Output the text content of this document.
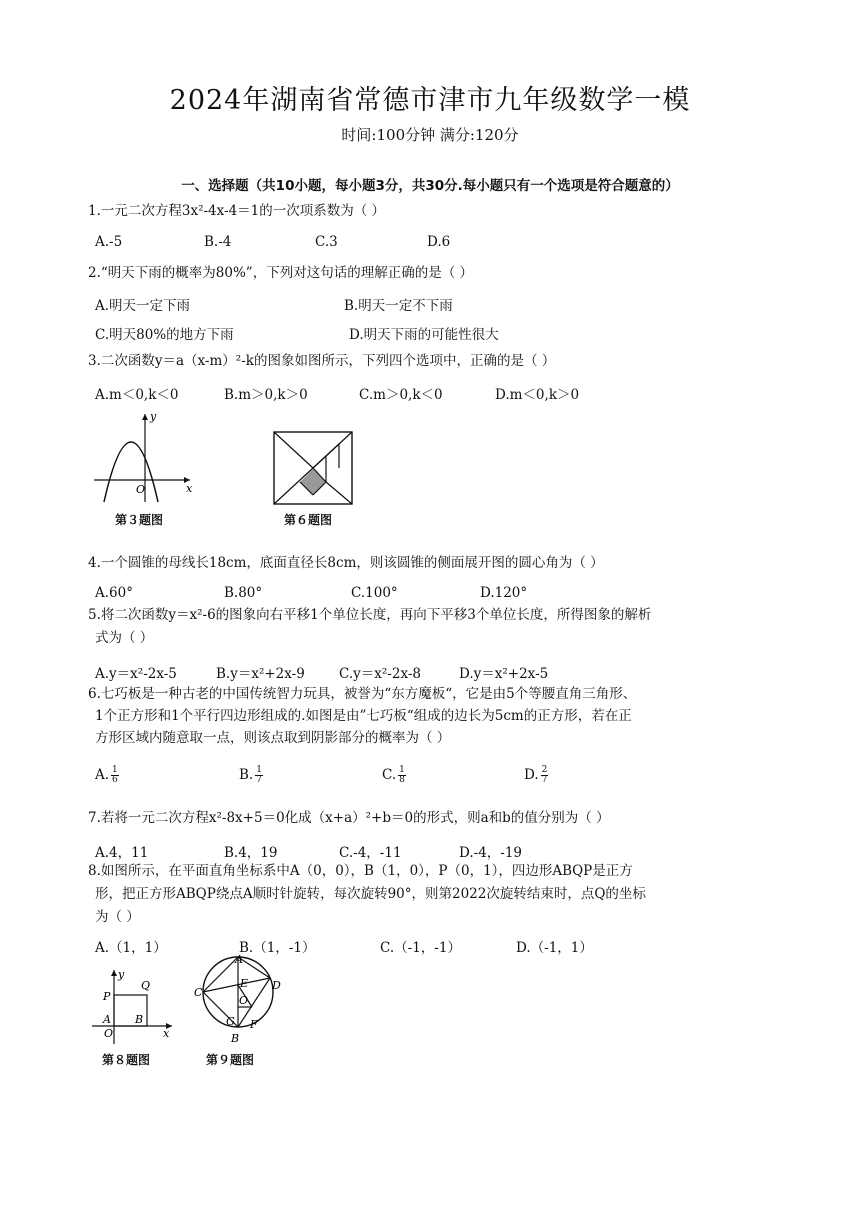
2024年湖南省常德市津市九年级数学一模
时间:100分钟 满分:120分
一、选择题（共10小题，每小题3分，共30分.每小题只有一个选项是符合题意的）
1.一元二次方程3x²-4x-4＝1的一次项系数为（ ）
A.-5	B.-4	C.3	D.6
2.“明天下雨的概率为80%”，下列对这句话的理解正确的是（ ）
A.明天一定下雨	B.明天一定不下雨
C.明天80%的地方下雨	D.明天下雨的可能性很大
3.二次函数y＝a（x-m）²-k的图象如图所示，下列四个选项中，正确的是（ ）
A.m＜0,k＜0	B.m＞0,k＞0	C.m＞0,k＜0	D.m＜0,k＞0
y
x
O
第３题图	第６题图
4.一个圆锥的母线长18cm，底面直径长8cm，则该圆锥的侧面展开图的圆心角为（ ）
A.60°	B.80°	C.100°	D.120°
5.将二次函数y＝x²-6的图象向右平移1个单位长度，再向下平移3个单位长度，所得图象的解析
式为（ ）
A.y＝x²-2x-5	B.y＝x²+2x-9	C.y＝x²-2x-8	D.y＝x²+2x-5
6.七巧板是一种古老的中国传统智力玩具，被誉为“东方魔板“，它是由5个等腰直角三角形、
1个正方形和1个平行四边形组成的.如图是由”七巧板“组成的边长为5cm的正方形，若在正
方形区域内随意取一点，则该点取到阴影部分的概率为（ ）
A. $\frac{1}{6}$	B. $\frac{1}{7}$	C. $\frac{1}{8}$	D. $\frac{2}{7}$
7.若将一元二次方程x²-8x+5＝0化成（x+a）²+b＝0的形式，则a和b的值分别为（ ）
A.4，11	B.4，19	C.-4，-11	D.-4，-19
8.如图所示，在平面直角坐标系中A（0，0），B（1，0），P（0，1），四边形ABQP是正方
形，把正方形ABQP绕点A顺时针旋转，每次旋转90°，则第2022次旋转结束时，点Q的坐标
为（ ）
A.（1，1）	B.（1，-1）	C.（-1，-1）	D.（-1，1）
y
Q
P
A
O
B
x
第８题图
A
C
E D
O
G F
B
第９题图
